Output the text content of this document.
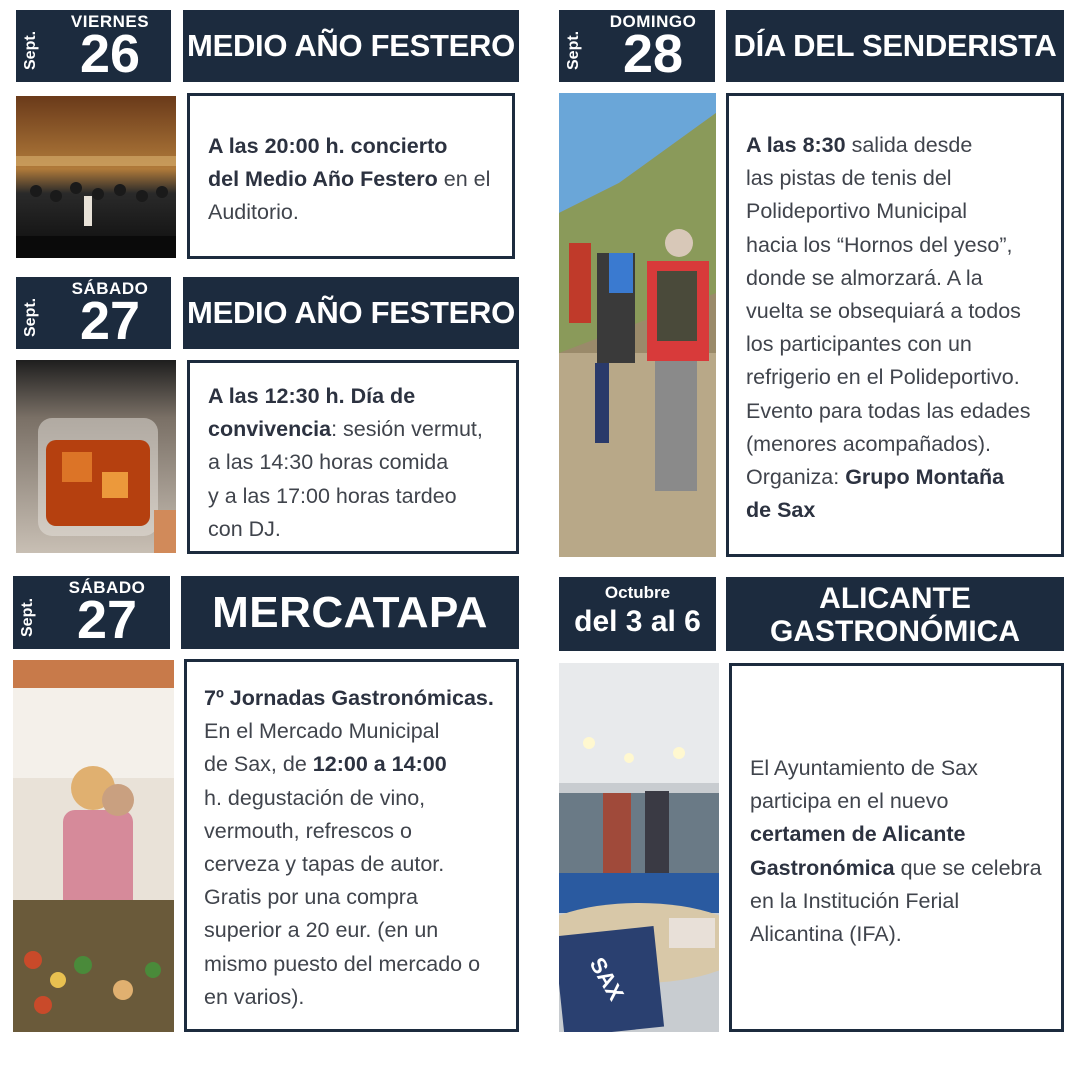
Sept.
VIERNES
26	MEDIO AÑO FESTERO
A las 20:00 h. concierto
del Medio Año Festero en el
Auditorio.
Sept.
SÁBADO
27	MEDIO AÑO FESTERO
A las 12:30 h. Día de
convivencia: sesión vermut,
a las 14:30 horas comida
y a las 17:00 horas tardeo
con DJ.
Sept.
SÁBADO
27	MERCATAPA
7º Jornadas Gastronómicas.
En el Mercado Municipal
de Sax, de 12:00 a 14:00
h. degustación de vino,
vermouth, refrescos o
cerveza y tapas de autor.
Gratis por una compra
superior a 20 eur. (en un
mismo puesto del mercado o
en varios).
Sept.
DOMINGO
28	DÍA DEL SENDERISTA
A las 8:30 salida desde
las pistas de tenis del
Polideportivo Municipal
hacia los “Hornos del yeso”,
donde se almorzará. A la
vuelta se obsequiará a todos
los participantes con un
refrigerio en el Polideportivo.
Evento para todas las edades
(menores acompañados).
Organiza: Grupo Montaña
de Sax
Octubre
del 3 al 6
ALICANTE
GASTRONÓMICA
SAX
El Ayuntamiento de Sax
participa en el nuevo
certamen de Alicante
Gastronómica que se celebra
en la Institución Ferial
Alicantina (IFA).
